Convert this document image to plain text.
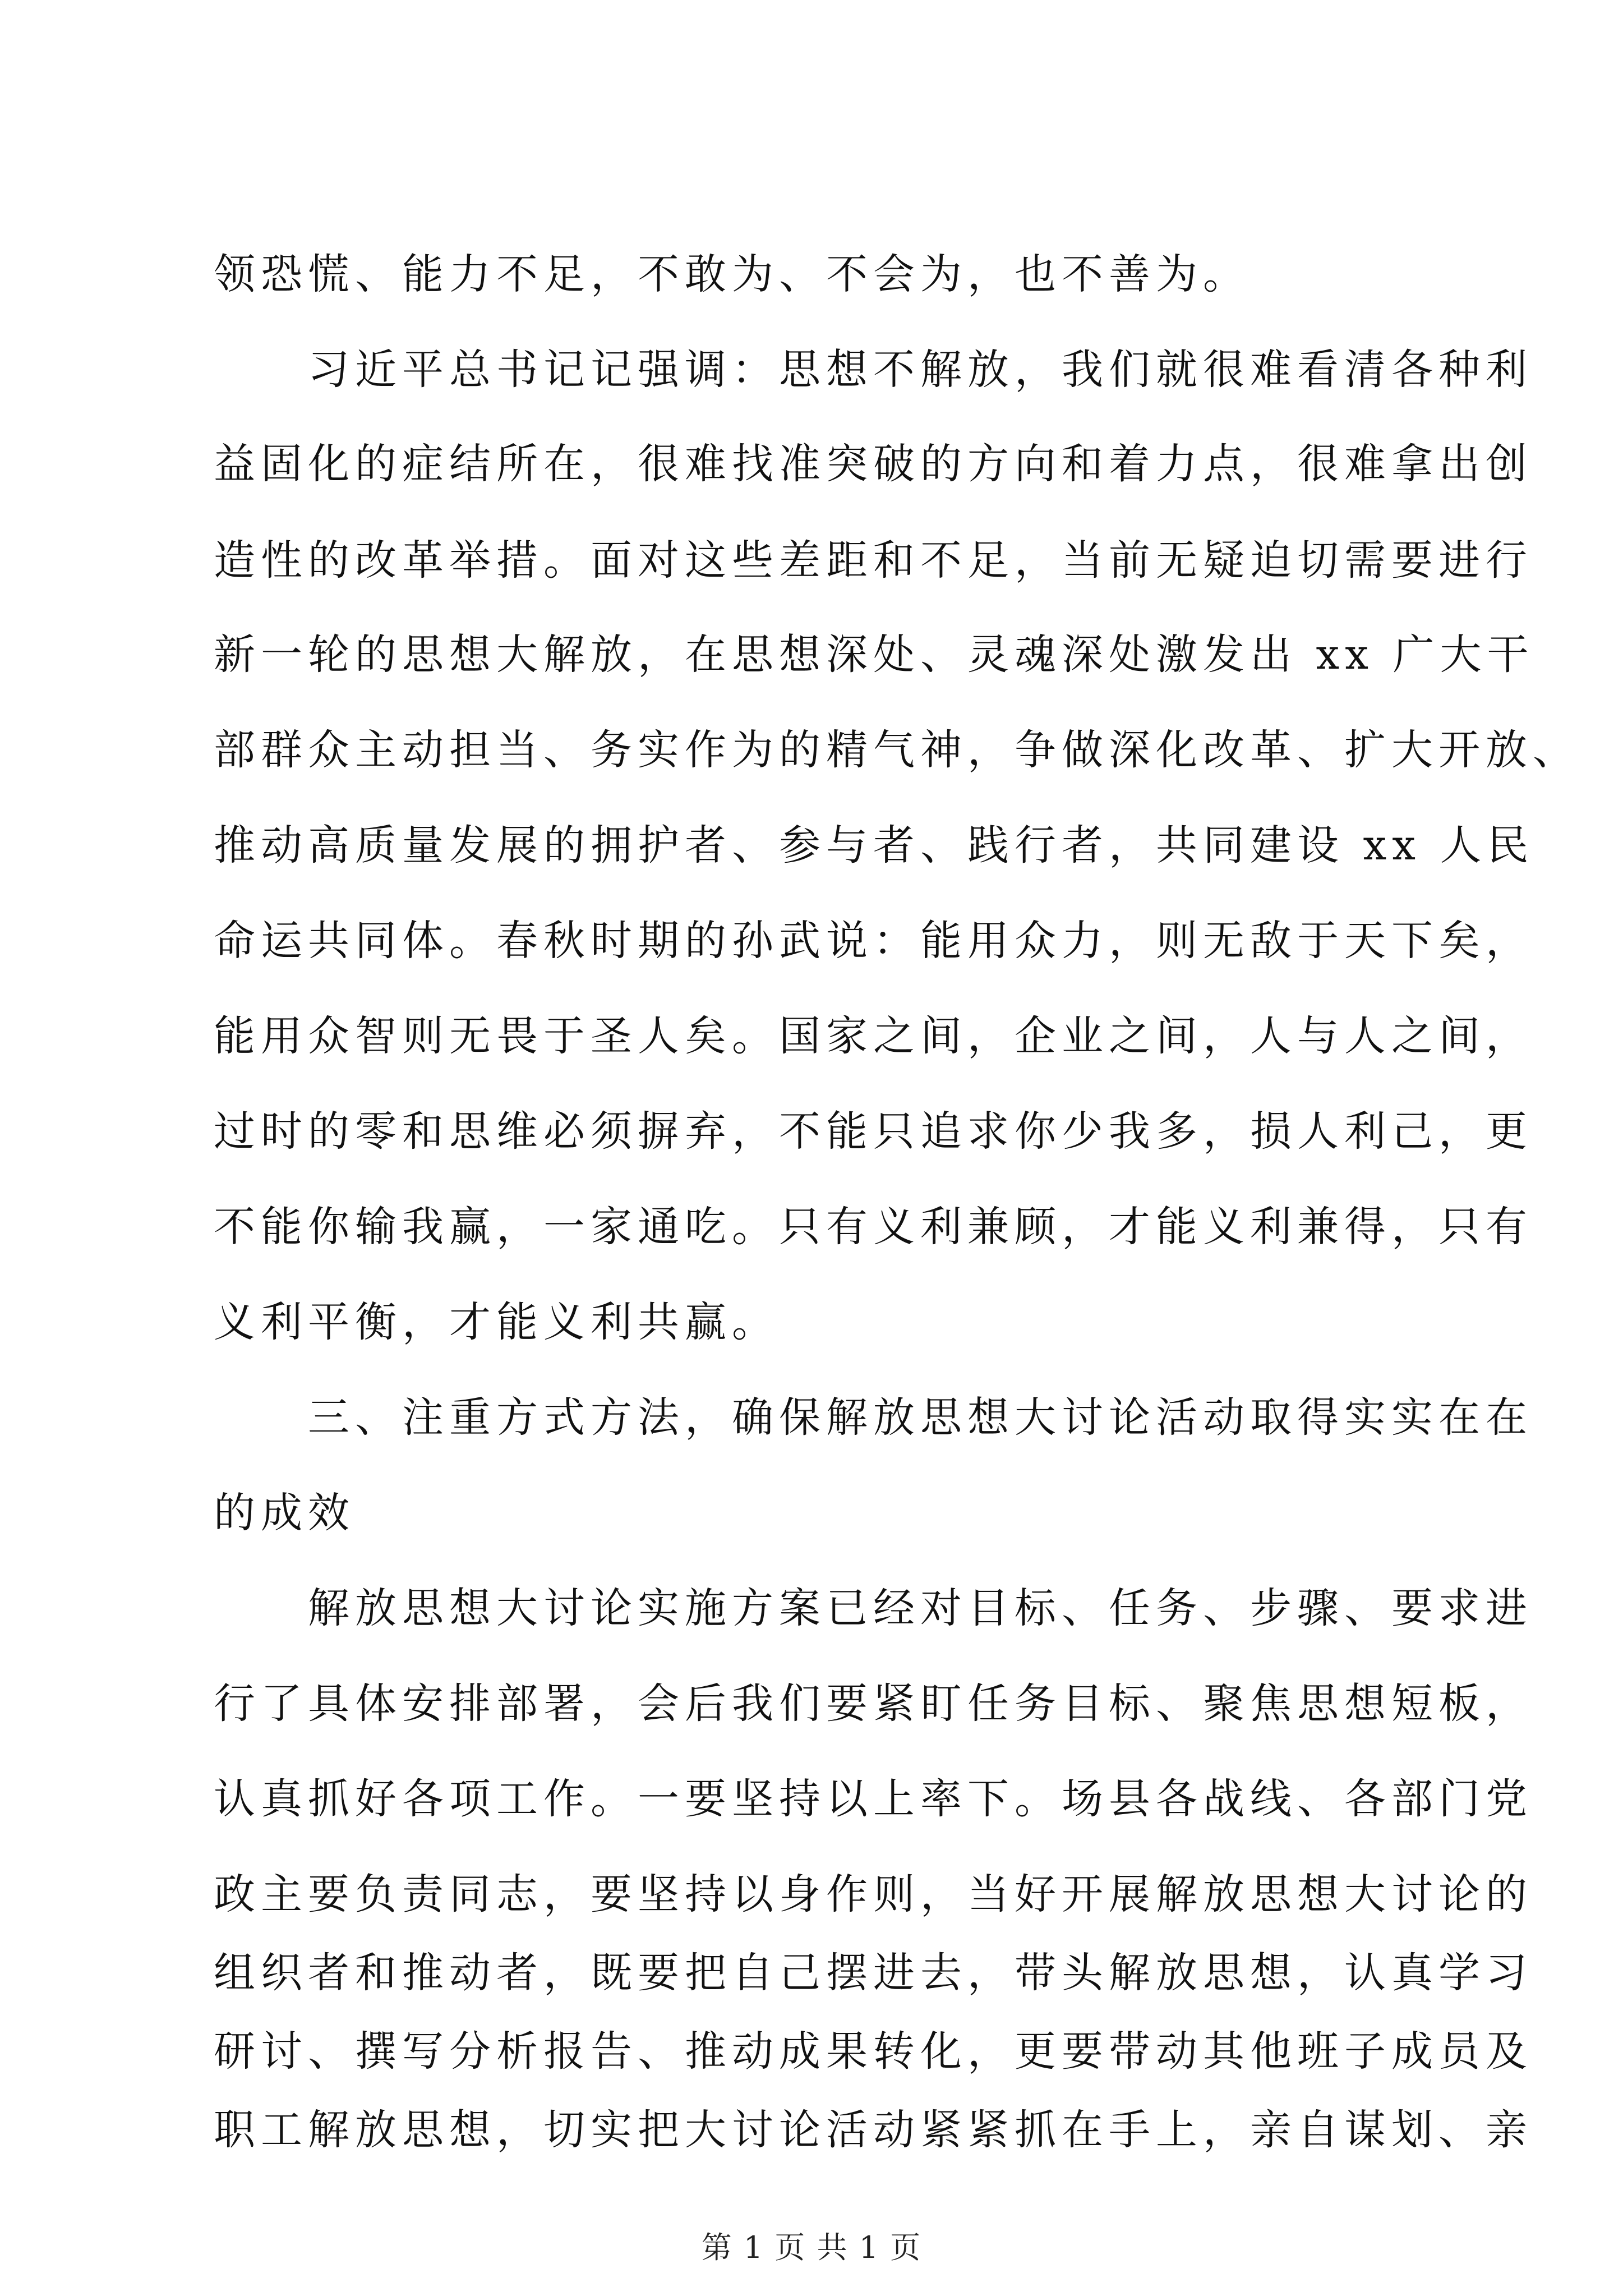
领恐慌、能力不足，不敢为、不会为，也不善为。
　　习近平总书记记强调：思想不解放，我们就很难看清各种利
益固化的症结所在，很难找准突破的方向和着力点，很难拿出创
造性的改革举措。面对这些差距和不足，当前无疑迫切需要进行
新一轮的思想大解放，在思想深处、灵魂深处激发出 xx 广大干
部群众主动担当、务实作为的精气神，争做深化改革、扩大开放、
推动高质量发展的拥护者、参与者、践行者，共同建设 xx 人民
命运共同体。春秋时期的孙武说：能用众力，则无敌于天下矣，
能用众智则无畏于圣人矣。国家之间，企业之间，人与人之间，
过时的零和思维必须摒弃，不能只追求你少我多，损人利己，更
不能你输我赢，一家通吃。只有义利兼顾，才能义利兼得，只有
义利平衡，才能义利共赢。
　　三、注重方式方法，确保解放思想大讨论活动取得实实在在
的成效
　　解放思想大讨论实施方案已经对目标、任务、步骤、要求进
行了具体安排部署，会后我们要紧盯任务目标、聚焦思想短板，
认真抓好各项工作。一要坚持以上率下。场县各战线、各部门党
政主要负责同志，要坚持以身作则，当好开展解放思想大讨论的
组织者和推动者，既要把自己摆进去，带头解放思想，认真学习
研讨、撰写分析报告、推动成果转化，更要带动其他班子成员及
职工解放思想，切实把大讨论活动紧紧抓在手上，亲自谋划、亲
第 1 页 共 1 页
